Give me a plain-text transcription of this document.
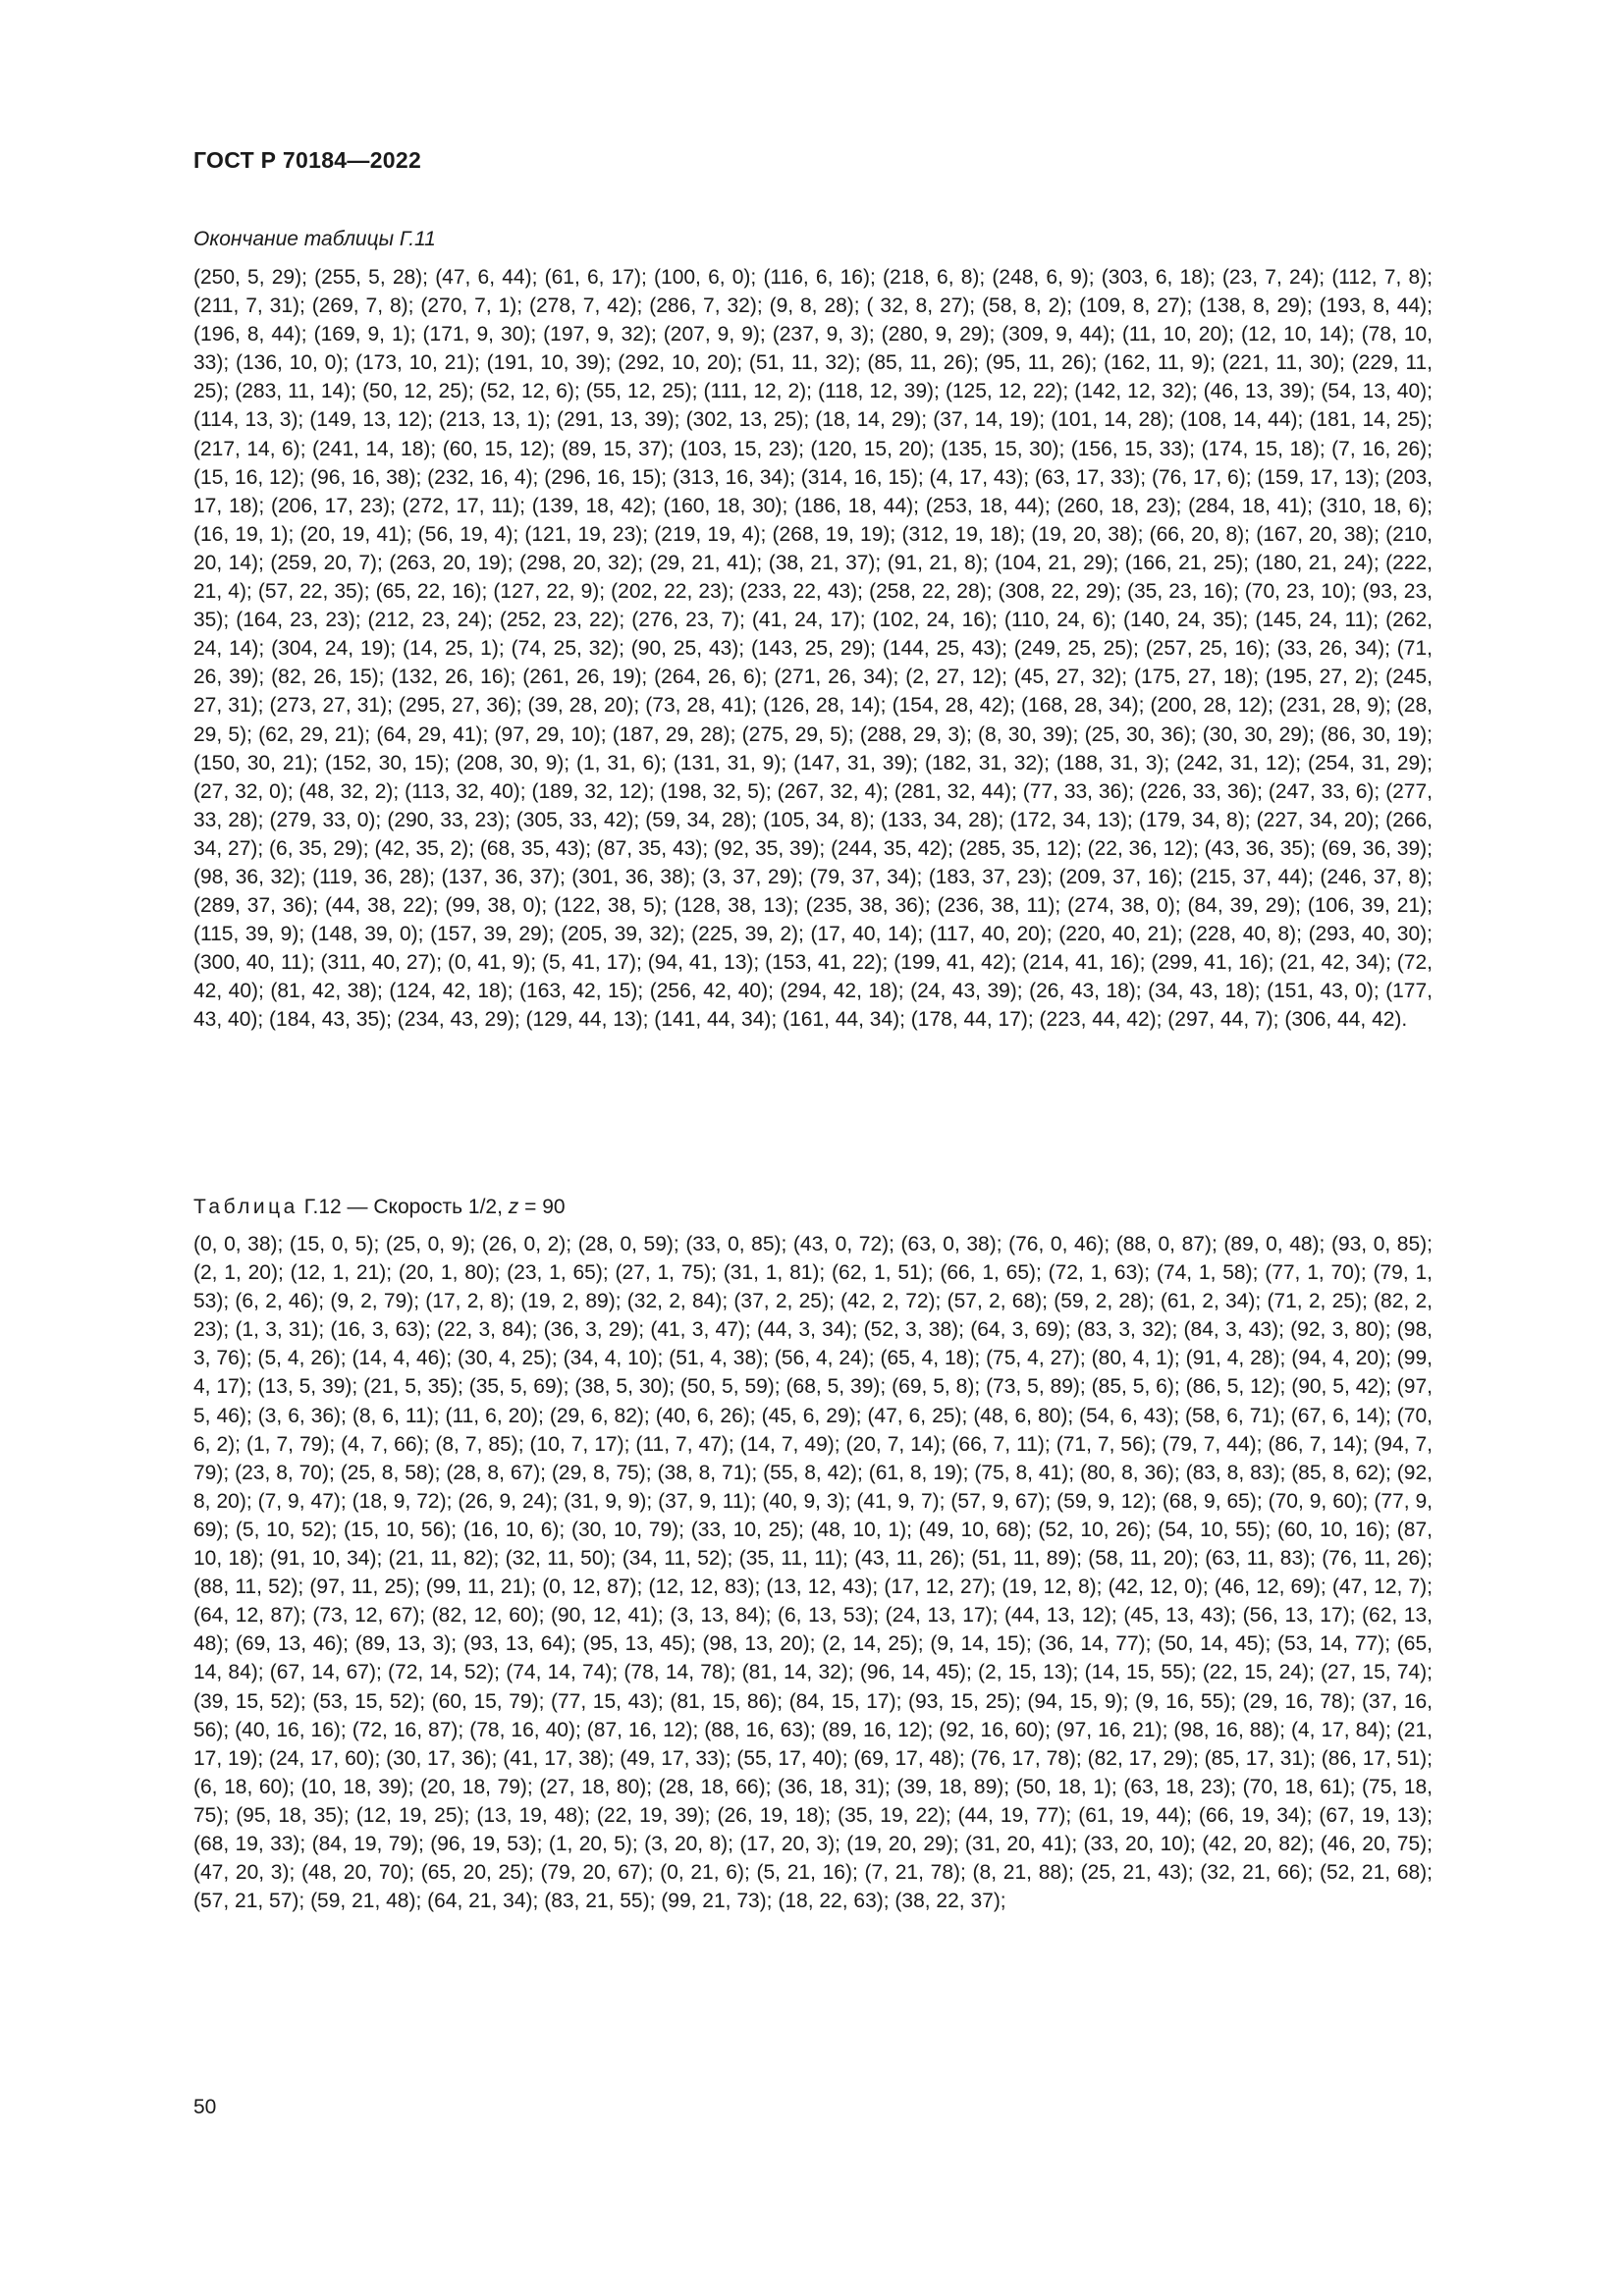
ГОСТ Р 70184—2022
Окончание таблицы Г.11
(250, 5, 29); (255, 5, 28); (47, 6, 44); (61, 6, 17); (100, 6, 0); (116, 6, 16); (218, 6, 8); (248, 6, 9); (303, 6, 18); (23, 7, 24); (112, 7, 8); (211, 7, 31); (269, 7, 8); (270, 7, 1); (278, 7, 42); (286, 7, 32); (9, 8, 28); ( 32, 8, 27); (58, 8, 2); (109, 8, 27); (138, 8, 29); (193, 8, 44); (196, 8, 44); (169, 9, 1); (171, 9, 30); (197, 9, 32); (207, 9, 9); (237, 9, 3); (280, 9, 29); (309, 9, 44); (11, 10, 20); (12, 10, 14); (78, 10, 33); (136, 10, 0); (173, 10, 21); (191, 10, 39); (292, 10, 20); (51, 11, 32); (85, 11, 26); (95, 11, 26); (162, 11, 9); (221, 11, 30); (229, 11, 25); (283, 11, 14); (50, 12, 25); (52, 12, 6); (55, 12, 25); (111, 12, 2); (118, 12, 39); (125, 12, 22); (142, 12, 32); (46, 13, 39); (54, 13, 40); (114, 13, 3); (149, 13, 12); (213, 13, 1); (291, 13, 39); (302, 13, 25); (18, 14, 29); (37, 14, 19); (101, 14, 28); (108, 14, 44); (181, 14, 25); (217, 14, 6); (241, 14, 18); (60, 15, 12); (89, 15, 37); (103, 15, 23); (120, 15, 20); (135, 15, 30); (156, 15, 33); (174, 15, 18); (7, 16, 26); (15, 16, 12); (96, 16, 38); (232, 16, 4); (296, 16, 15); (313, 16, 34); (314, 16, 15); (4, 17, 43); (63, 17, 33); (76, 17, 6); (159, 17, 13); (203, 17, 18); (206, 17, 23); (272, 17, 11); (139, 18, 42); (160, 18, 30); (186, 18, 44); (253, 18, 44); (260, 18, 23); (284, 18, 41); (310, 18, 6); (16, 19, 1); (20, 19, 41); (56, 19, 4); (121, 19, 23); (219, 19, 4); (268, 19, 19); (312, 19, 18); (19, 20, 38); (66, 20, 8); (167, 20, 38); (210, 20, 14); (259, 20, 7); (263, 20, 19); (298, 20, 32); (29, 21, 41); (38, 21, 37); (91, 21, 8); (104, 21, 29); (166, 21, 25); (180, 21, 24); (222, 21, 4); (57, 22, 35); (65, 22, 16); (127, 22, 9); (202, 22, 23); (233, 22, 43); (258, 22, 28); (308, 22, 29); (35, 23, 16); (70, 23, 10); (93, 23, 35); (164, 23, 23); (212, 23, 24); (252, 23, 22); (276, 23, 7); (41, 24, 17); (102, 24, 16); (110, 24, 6); (140, 24, 35); (145, 24, 11); (262, 24, 14); (304, 24, 19); (14, 25, 1); (74, 25, 32); (90, 25, 43); (143, 25, 29); (144, 25, 43); (249, 25, 25); (257, 25, 16); (33, 26, 34); (71, 26, 39); (82, 26, 15); (132, 26, 16); (261, 26, 19); (264, 26, 6); (271, 26, 34); (2, 27, 12); (45, 27, 32); (175, 27, 18); (195, 27, 2); (245, 27, 31); (273, 27, 31); (295, 27, 36); (39, 28, 20); (73, 28, 41); (126, 28, 14); (154, 28, 42); (168, 28, 34); (200, 28, 12); (231, 28, 9); (28, 29, 5); (62, 29, 21); (64, 29, 41); (97, 29, 10); (187, 29, 28); (275, 29, 5); (288, 29, 3); (8, 30, 39); (25, 30, 36); (30, 30, 29); (86, 30, 19); (150, 30, 21); (152, 30, 15); (208, 30, 9); (1, 31, 6); (131, 31, 9); (147, 31, 39); (182, 31, 32); (188, 31, 3); (242, 31, 12); (254, 31, 29); (27, 32, 0); (48, 32, 2); (113, 32, 40); (189, 32, 12); (198, 32, 5); (267, 32, 4); (281, 32, 44); (77, 33, 36); (226, 33, 36); (247, 33, 6); (277, 33, 28); (279, 33, 0); (290, 33, 23); (305, 33, 42); (59, 34, 28); (105, 34, 8); (133, 34, 28); (172, 34, 13); (179, 34, 8); (227, 34, 20); (266, 34, 27); (6, 35, 29); (42, 35, 2); (68, 35, 43); (87, 35, 43); (92, 35, 39); (244, 35, 42); (285, 35, 12); (22, 36, 12); (43, 36, 35); (69, 36, 39); (98, 36, 32); (119, 36, 28); (137, 36, 37); (301, 36, 38); (3, 37, 29); (79, 37, 34); (183, 37, 23); (209, 37, 16); (215, 37, 44); (246, 37, 8); (289, 37, 36); (44, 38, 22); (99, 38, 0); (122, 38, 5); (128, 38, 13); (235, 38, 36); (236, 38, 11); (274, 38, 0); (84, 39, 29); (106, 39, 21); (115, 39, 9); (148, 39, 0); (157, 39, 29); (205, 39, 32); (225, 39, 2); (17, 40, 14); (117, 40, 20); (220, 40, 21); (228, 40, 8); (293, 40, 30); (300, 40, 11); (311, 40, 27); (0, 41, 9); (5, 41, 17); (94, 41, 13); (153, 41, 22); (199, 41, 42); (214, 41, 16); (299, 41, 16); (21, 42, 34); (72, 42, 40); (81, 42, 38); (124, 42, 18); (163, 42, 15); (256, 42, 40); (294, 42, 18); (24, 43, 39); (26, 43, 18); (34, 43, 18); (151, 43, 0); (177, 43, 40); (184, 43, 35); (234, 43, 29); (129, 44, 13); (141, 44, 34); (161, 44, 34); (178, 44, 17); (223, 44, 42); (297, 44, 7); (306, 44, 42).
Таблица Г.12 — Скорость 1/2, z = 90
(0, 0, 38); (15, 0, 5); (25, 0, 9); (26, 0, 2); (28, 0, 59); (33, 0, 85); (43, 0, 72); (63, 0, 38); (76, 0, 46); (88, 0, 87); (89, 0, 48); (93, 0, 85); (2, 1, 20); (12, 1, 21); (20, 1, 80); (23, 1, 65); (27, 1, 75); (31, 1, 81); (62, 1, 51); (66, 1, 65); (72, 1, 63); (74, 1, 58); (77, 1, 70); (79, 1, 53); (6, 2, 46); (9, 2, 79); (17, 2, 8); (19, 2, 89); (32, 2, 84); (37, 2, 25); (42, 2, 72); (57, 2, 68); (59, 2, 28); (61, 2, 34); (71, 2, 25); (82, 2, 23); (1, 3, 31); (16, 3, 63); (22, 3, 84); (36, 3, 29); (41, 3, 47); (44, 3, 34); (52, 3, 38); (64, 3, 69); (83, 3, 32); (84, 3, 43); (92, 3, 80); (98, 3, 76); (5, 4, 26); (14, 4, 46); (30, 4, 25); (34, 4, 10); (51, 4, 38); (56, 4, 24); (65, 4, 18); (75, 4, 27); (80, 4, 1); (91, 4, 28); (94, 4, 20); (99, 4, 17); (13, 5, 39); (21, 5, 35); (35, 5, 69); (38, 5, 30); (50, 5, 59); (68, 5, 39); (69, 5, 8); (73, 5, 89); (85, 5, 6); (86, 5, 12); (90, 5, 42); (97, 5, 46); (3, 6, 36); (8, 6, 11); (11, 6, 20); (29, 6, 82); (40, 6, 26); (45, 6, 29); (47, 6, 25); (48, 6, 80); (54, 6, 43); (58, 6, 71); (67, 6, 14); (70, 6, 2); (1, 7, 79); (4, 7, 66); (8, 7, 85); (10, 7, 17); (11, 7, 47); (14, 7, 49); (20, 7, 14); (66, 7, 11); (71, 7, 56); (79, 7, 44); (86, 7, 14); (94, 7, 79); (23, 8, 70); (25, 8, 58); (28, 8, 67); (29, 8, 75); (38, 8, 71); (55, 8, 42); (61, 8, 19); (75, 8, 41); (80, 8, 36); (83, 8, 83); (85, 8, 62); (92, 8, 20); (7, 9, 47); (18, 9, 72); (26, 9, 24); (31, 9, 9); (37, 9, 11); (40, 9, 3); (41, 9, 7); (57, 9, 67); (59, 9, 12); (68, 9, 65); (70, 9, 60); (77, 9, 69); (5, 10, 52); (15, 10, 56); (16, 10, 6); (30, 10, 79); (33, 10, 25); (48, 10, 1); (49, 10, 68); (52, 10, 26); (54, 10, 55); (60, 10, 16); (87, 10, 18); (91, 10, 34); (21, 11, 82); (32, 11, 50); (34, 11, 52); (35, 11, 11); (43, 11, 26); (51, 11, 89); (58, 11, 20); (63, 11, 83); (76, 11, 26); (88, 11, 52); (97, 11, 25); (99, 11, 21); (0, 12, 87); (12, 12, 83); (13, 12, 43); (17, 12, 27); (19, 12, 8); (42, 12, 0); (46, 12, 69); (47, 12, 7); (64, 12, 87); (73, 12, 67); (82, 12, 60); (90, 12, 41); (3, 13, 84); (6, 13, 53); (24, 13, 17); (44, 13, 12); (45, 13, 43); (56, 13, 17); (62, 13, 48); (69, 13, 46); (89, 13, 3); (93, 13, 64); (95, 13, 45); (98, 13, 20); (2, 14, 25); (9, 14, 15); (36, 14, 77); (50, 14, 45); (53, 14, 77); (65, 14, 84); (67, 14, 67); (72, 14, 52); (74, 14, 74); (78, 14, 78); (81, 14, 32); (96, 14, 45); (2, 15, 13); (14, 15, 55); (22, 15, 24); (27, 15, 74); (39, 15, 52); (53, 15, 52); (60, 15, 79); (77, 15, 43); (81, 15, 86); (84, 15, 17); (93, 15, 25); (94, 15, 9); (9, 16, 55); (29, 16, 78); (37, 16, 56); (40, 16, 16); (72, 16, 87); (78, 16, 40); (87, 16, 12); (88, 16, 63); (89, 16, 12); (92, 16, 60); (97, 16, 21); (98, 16, 88); (4, 17, 84); (21, 17, 19); (24, 17, 60); (30, 17, 36); (41, 17, 38); (49, 17, 33); (55, 17, 40); (69, 17, 48); (76, 17, 78); (82, 17, 29); (85, 17, 31); (86, 17, 51); (6, 18, 60); (10, 18, 39); (20, 18, 79); (27, 18, 80); (28, 18, 66); (36, 18, 31); (39, 18, 89); (50, 18, 1); (63, 18, 23); (70, 18, 61); (75, 18, 75); (95, 18, 35); (12, 19, 25); (13, 19, 48); (22, 19, 39); (26, 19, 18); (35, 19, 22); (44, 19, 77); (61, 19, 44); (66, 19, 34); (67, 19, 13); (68, 19, 33); (84, 19, 79); (96, 19, 53); (1, 20, 5); (3, 20, 8); (17, 20, 3); (19, 20, 29); (31, 20, 41); (33, 20, 10); (42, 20, 82); (46, 20, 75); (47, 20, 3); (48, 20, 70); (65, 20, 25); (79, 20, 67); (0, 21, 6); (5, 21, 16); (7, 21, 78); (8, 21, 88); (25, 21, 43); (32, 21, 66); (52, 21, 68); (57, 21, 57); (59, 21, 48); (64, 21, 34); (83, 21, 55); (99, 21, 73); (18, 22, 63); (38, 22, 37);
50
